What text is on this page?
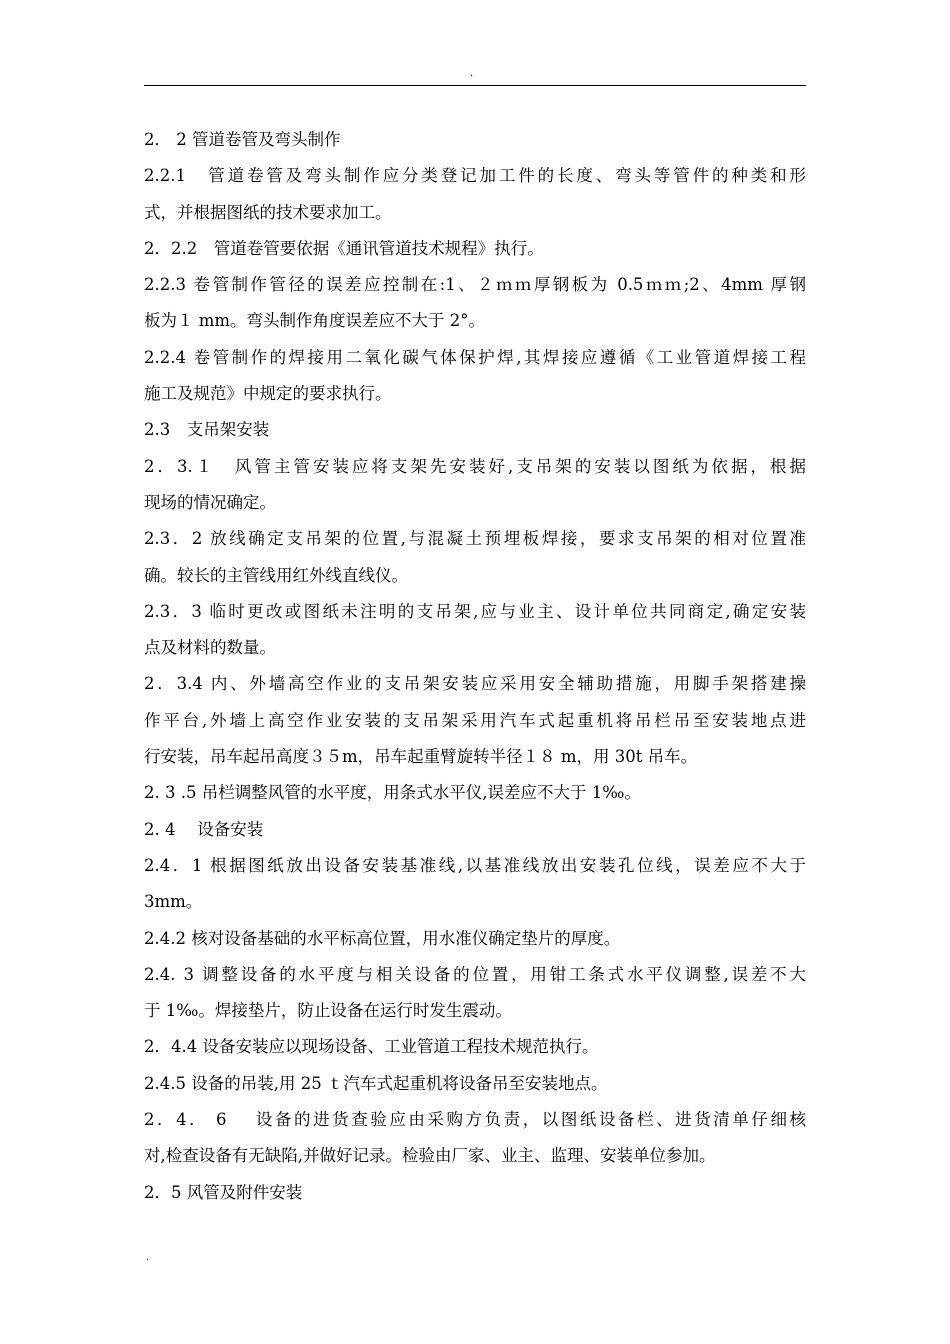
.
2． 2 管道卷管及弯头制作
2.2.1　管道卷管及弯头制作应分类登记加工件的长度、弯头等管件的种类和形
式，并根据图纸的技术要求加工。
2．2.2　管道卷管要依据《通讯管道技术规程》执行。
2.2.3 卷管制作管径的误差应控制在:1、２ｍｍ厚钢板为 0.5ｍｍ;2、4mm 厚钢
板为１ mm。弯头制作角度误差应不大于 2°。
2.2.4 卷管制作的焊接用二氧化碳气体保护焊,其焊接应遵循《工业管道焊接工程
施工及规范》中规定的要求执行。
2.3　支吊架安装
2．3.１　风管主管安装应将支架先安装好,支吊架的安装以图纸为依据，根据
现场的情况确定。
2.3．2 放线确定支吊架的位置,与混凝土预埋板焊接，要求支吊架的相对位置准
确。较长的主管线用红外线直线仪。
2.3．3 临时更改或图纸未注明的支吊架,应与业主、设计单位共同商定,确定安装
点及材料的数量。
2．3.4 内、外墙高空作业的支吊架安装应采用安全辅助措施，用脚手架搭建操
作平台,外墙上高空作业安装的支吊架采用汽车式起重机将吊栏吊至安装地点进
行安装，吊车起吊高度３５m，吊车起重臂旋转半径１８ m，用 30t 吊车。
2. 3 .5 吊栏调整风管的水平度，用条式水平仪,误差应不大于 1‰。
2. 4　 设备安装
2.4．1 根据图纸放出设备安装基准线,以基准线放出安装孔位线，误差应不大于
3mm。
2.4.2 核对设备基础的水平标高位置，用水准仪确定垫片的厚度。
2.4. 3 调整设备的水平度与相关设备的位置，用钳工条式水平仪调整,误差不大
于 1‰。焊接垫片，防止设备在运行时发生震动。
2．4.4 设备安装应以现场设备、工业管道工程技术规范执行。
2.4.5 设备的吊装,用 25 ｔ汽车式起重机将设备吊至安装地点。
2．4． 6　 设备的进货查验应由采购方负责，以图纸设备栏、进货清单仔细核
对,检查设备有无缺陷,并做好记录。检验由厂家、业主、监理、安装单位参加。
2．5 风管及附件安装
.
